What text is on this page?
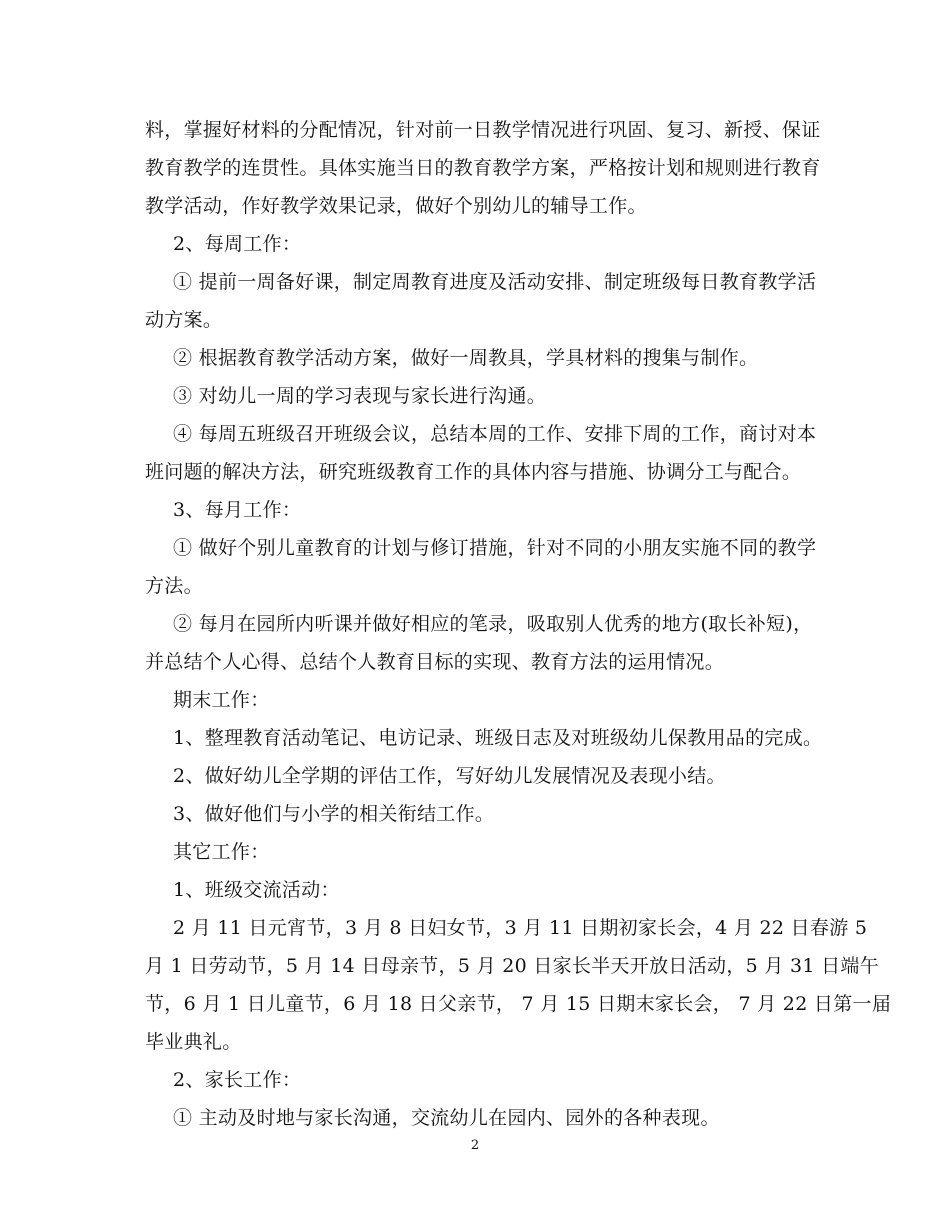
料，掌握好材料的分配情况，针对前一日教学情况进行巩固、复习、新授、保证
教育教学的连贯性。具体实施当日的教育教学方案，严格按计划和规则进行教育
教学活动，作好教学效果记录，做好个别幼儿的辅导工作。
2、每周工作：
① 提前一周备好课，制定周教育进度及活动安排、制定班级每日教育教学活
动方案。
② 根据教育教学活动方案，做好一周教具，学具材料的搜集与制作。
③ 对幼儿一周的学习表现与家长进行沟通。
④ 每周五班级召开班级会议，总结本周的工作、安排下周的工作，商讨对本
班问题的解决方法，研究班级教育工作的具体内容与措施、协调分工与配合。
3、每月工作：
① 做好个别儿童教育的计划与修订措施，针对不同的小朋友实施不同的教学
方法。
② 每月在园所内听课并做好相应的笔录，吸取别人优秀的地方(取长补短)，
并总结个人心得、总结个人教育目标的实现、教育方法的运用情况。
期末工作：
1、整理教育活动笔记、电访记录、班级日志及对班级幼儿保教用品的完成。
2、做好幼儿全学期的评估工作，写好幼儿发展情况及表现小结。
3、做好他们与小学的相关衔结工作。
其它工作：
1、班级交流活动：
2 月 11 日元宵节，3 月 8 日妇女节，3 月 11 日期初家长会，4 月 22 日春游 5
月 1 日劳动节，5 月 14 日母亲节，5 月 20 日家长半天开放日活动，5 月 31 日端午
节，6 月 1 日儿童节，6 月 18 日父亲节， 7 月 15 日期末家长会， 7 月 22 日第一届
毕业典礼。
2、家长工作：
① 主动及时地与家长沟通，交流幼儿在园内、园外的各种表现。
2
